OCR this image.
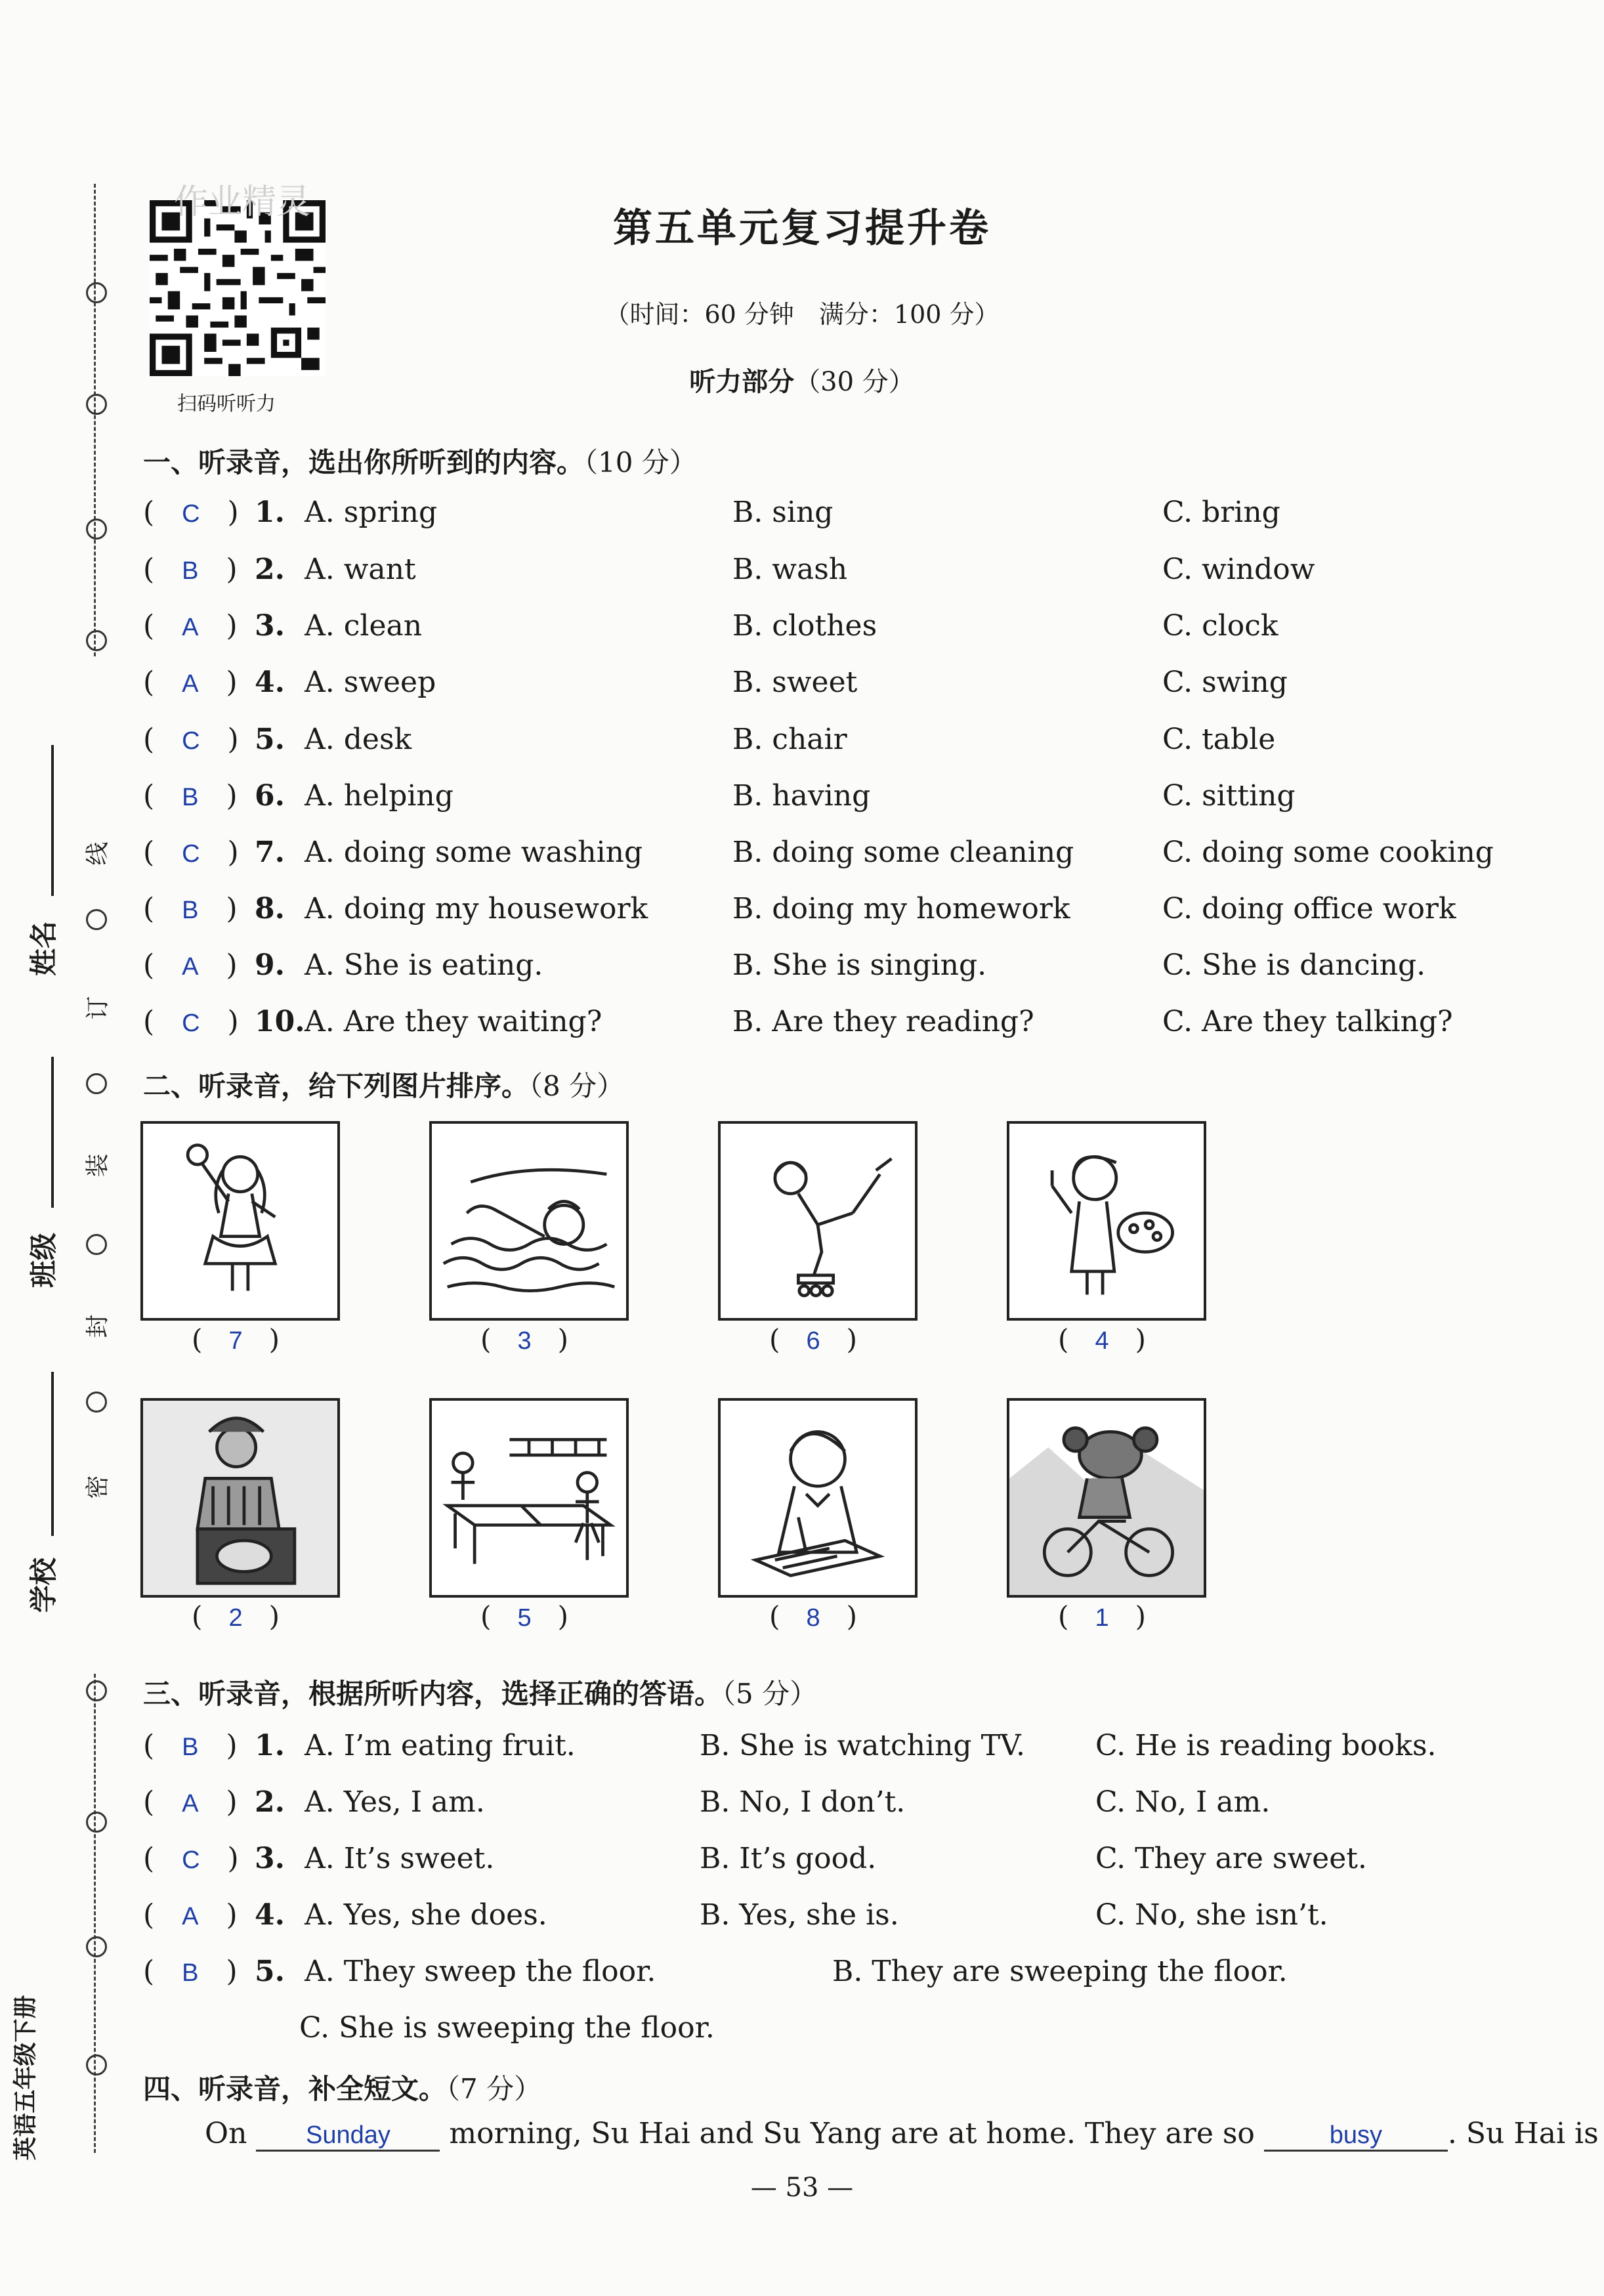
线
订
装
封
密
姓名
班级
学校
英语五年级下册
作业精灵
扫码听听力
第五单元复习提升卷
（时间：60 分钟　满分：100 分）
听力部分（30 分）
一、听录音，选出你所听到的内容。（10 分）
(   C   ) 1. A. spring	B. sing	C. bring
(   B   ) 2. A. want	B. wash	C. window
(   A   ) 3. A. clean	B. clothes	C. clock
(   A   ) 4. A. sweep	B. sweet	C. swing
(   C   ) 5. A. desk	B. chair	C. table
(   B   ) 6. A. helping	B. having	C. sitting
(   C   ) 7. A. doing some washing	B. doing some cleaning	C. doing some cooking
(   B   ) 8. A. doing my housework	B. doing my homework	C. doing office work
(   A   ) 9. A. She is eating.	B. She is singing.	C. She is dancing.
(   C   ) 10. A. Are they waiting?	B. Are they reading?	C. Are they talking?
二、听录音，给下列图片排序。（8 分）
(   7   )	(   3   )	(   6   )	(   4   )
(   2   )	(   5   )	(   8   )	(   1   )
三、听录音，根据所听内容，选择正确的答语。（5 分）
(   B   ) 1. A. I’m eating fruit.	B. She is watching TV. C. He is reading books.
(   A   ) 2. A. Yes, I am.	B. No, I don’t.	C. No, I am.
(   C   ) 3. A. It’s sweet.	B. It’s good.	C. They are sweet.
(   A   ) 4. A. Yes, she does.	B. Yes, she is.	C. No, she isn’t.
(   B   ) 5. A. They sweep the floor.	B. They are sweeping the floor.
C. She is sweeping the floor.
四、听录音，补全短文。（7 分）
On Sunday morning, Su Hai and Su Yang are at home. They are so	busy . Su Hai is
— 53 —
